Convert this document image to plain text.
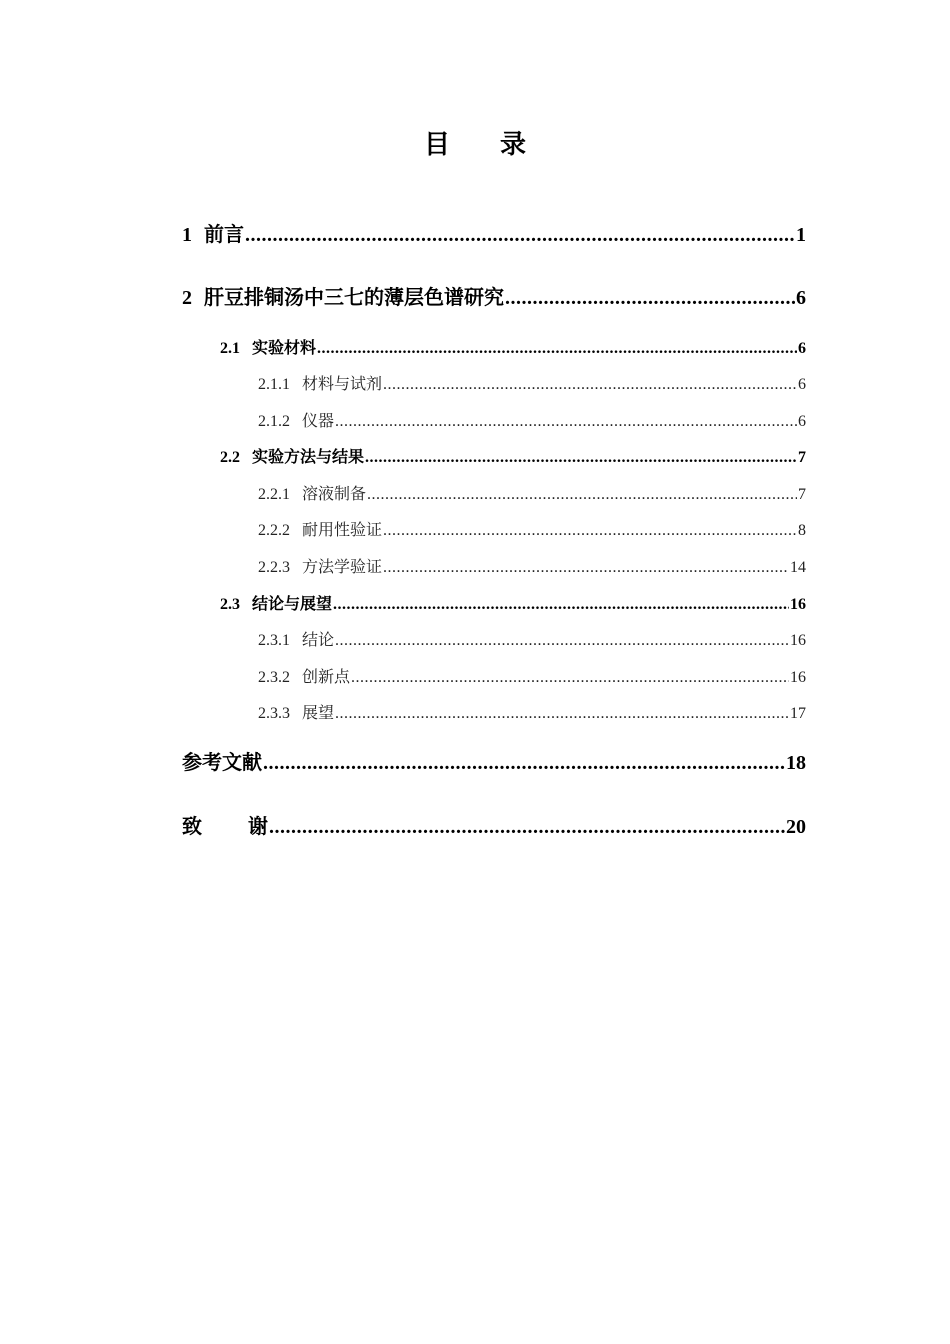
目 录
1 前言 .....	1
2 肝豆排铜汤中三七的薄层色谱研究 .....	6
2.1 实验材料 .....	6
2.1.1 材料与试剂 .....	6
2.1.2 仪器 .....	6
2.2 实验方法与结果 .....	7
2.2.1 溶液制备 .....	7
2.2.2 耐用性验证 .....	8
2.2.3 方法学验证 .....	14
2.3 结论与展望 .....	16
2.3.1 结论 .....	16
2.3.2 创新点 .....	16
2.3.3 展望 .....	17
参考文献 .....	18
致 谢 .....	20
